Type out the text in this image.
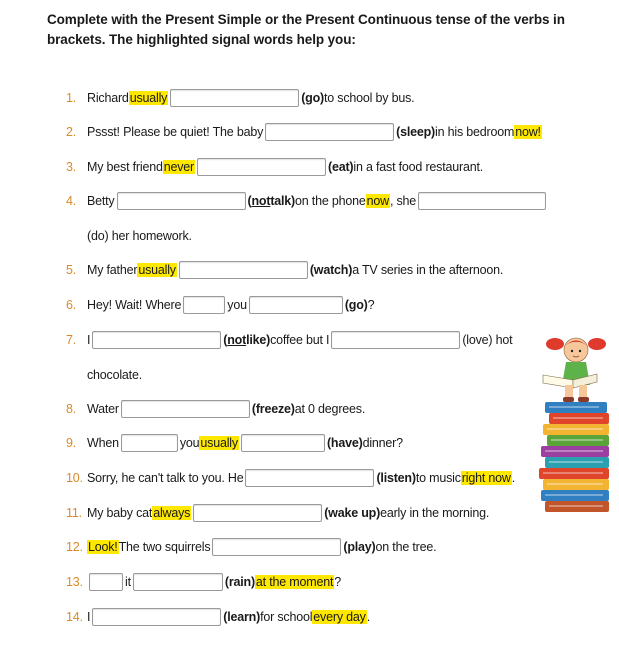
Complete with the Present Simple or the Present Continuous tense of the verbs in brackets. The highlighted signal words help you:
1. Richard usually	(go) to school by bus.
2. Pssst! Please be quiet! The baby	(sleep) in his bedroom now!
3. My best friend never	(eat) in a fast food restaurant.
4. Betty	( not talk) on the phone now , she
(do) her homework.
5. My father usually	(watch) a TV series in the afternoon.
6. Hey! Wait! Where	you	(go) ?
7. I	( not like) coffee but I	(love) hot
chocolate.
8. Water	(freeze) at 0 degrees.
9. When	you usually	(have) dinner?
10. Sorry, he can't talk to you. He	(listen) to music right now .
11. My baby cat always	(wake up) early in the morning.
12. Look! The two squirrels	(play) on the tree.
13.	it	(rain) at the moment ?
14. I	(learn) for school every day .
